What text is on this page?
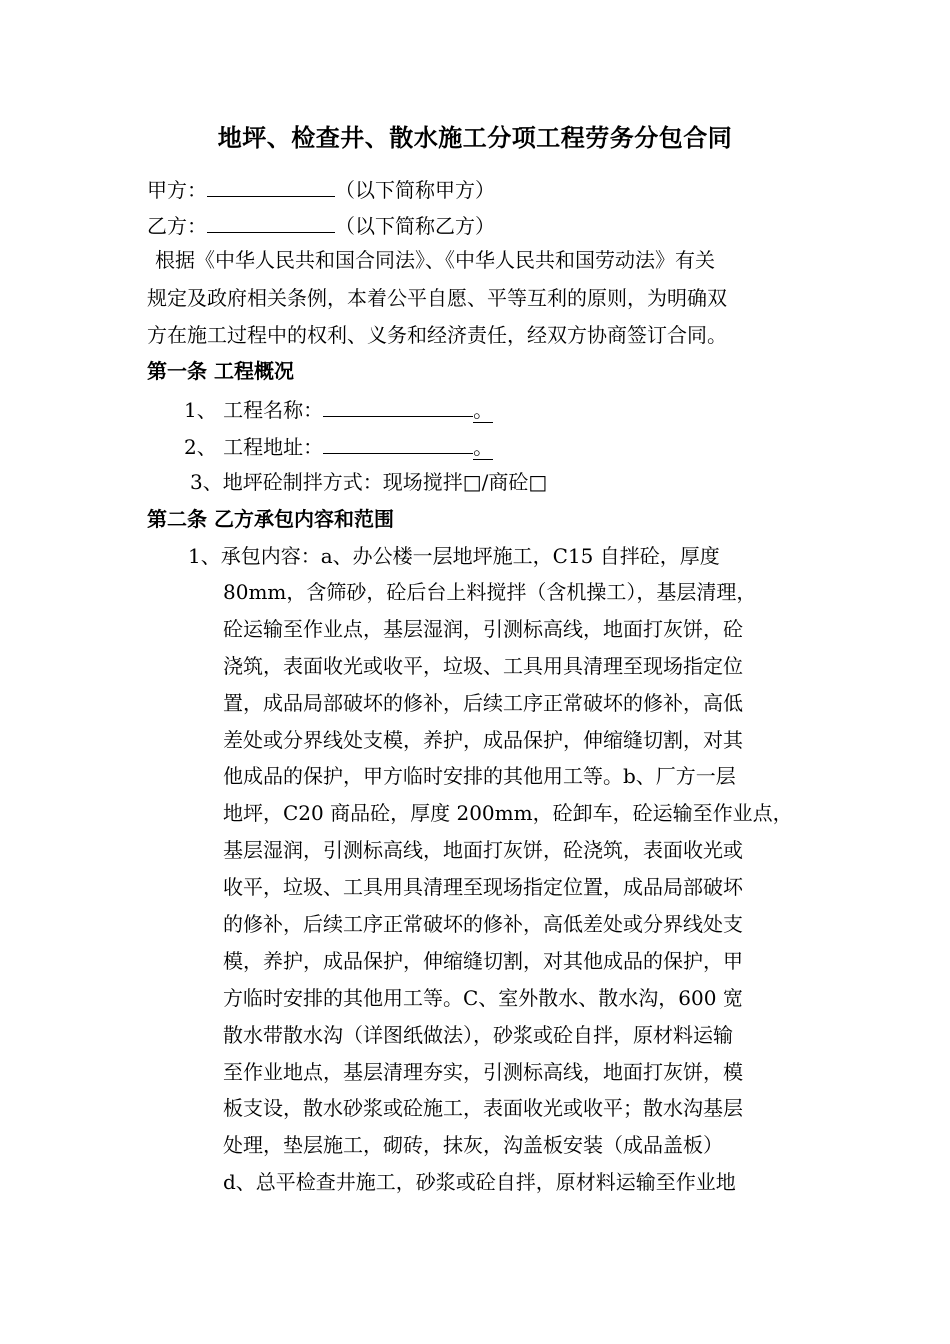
地坪、检查井、散水施工分项工程劳务分包合同
甲方：	（以下简称甲方）
乙方：	（以下简称乙方）
根据《中华人民共和国合同法》、《中华人民共和国劳动法》有关
规定及政府相关条例，本着公平自愿、平等互利的原则，为明确双
方在施工过程中的权利、义务和经济责任，经双方协商签订合同。
第一条 工程概况
1、 工程名称：	。
2、 工程地址：	。
3、地坪砼制拌方式：现场搅拌□/商砼□
第二条 乙方承包内容和范围
1、承包内容：a、办公楼一层地坪施工，C15 自拌砼，厚度
80mm，含筛砂，砼后台上料搅拌（含机操工），基层清理，
砼运输至作业点，基层湿润，引测标高线，地面打灰饼，砼
浇筑，表面收光或收平，垃圾、工具用具清理至现场指定位
置，成品局部破坏的修补，后续工序正常破坏的修补，高低
差处或分界线处支模，养护，成品保护，伸缩缝切割，对其
他成品的保护，甲方临时安排的其他用工等。b、厂方一层
地坪，C20 商品砼，厚度 200mm，砼卸车，砼运输至作业点，
基层湿润，引测标高线，地面打灰饼，砼浇筑，表面收光或
收平，垃圾、工具用具清理至现场指定位置，成品局部破坏
的修补，后续工序正常破坏的修补，高低差处或分界线处支
模，养护，成品保护，伸缩缝切割，对其他成品的保护，甲
方临时安排的其他用工等。C、室外散水、散水沟，600 宽
散水带散水沟（详图纸做法），砂浆或砼自拌，原材料运输
至作业地点，基层清理夯实，引测标高线，地面打灰饼，模
板支设，散水砂浆或砼施工，表面收光或收平；散水沟基层
处理，垫层施工，砌砖，抹灰，沟盖板安装（成品盖板）
d、总平检查井施工，砂浆或砼自拌，原材料运输至作业地
